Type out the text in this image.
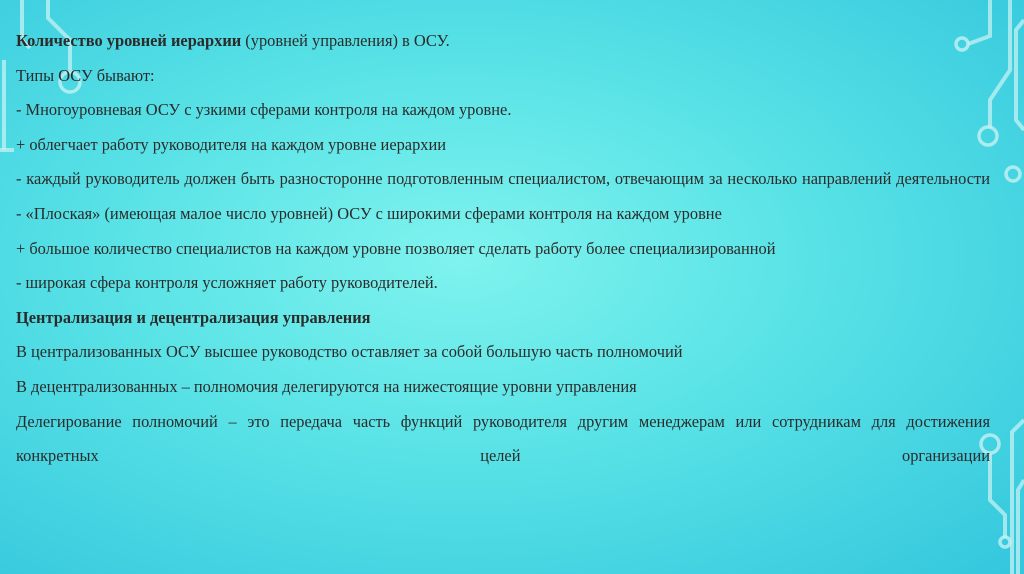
Количество уровней иерархии (уровней управления) в ОСУ.
Типы ОСУ бывают:
- Многоуровневая ОСУ с узкими сферами контроля на каждом уровне.
+ облегчает работу руководителя на каждом уровне иерархии
- каждый руководитель должен быть разносторонне подготовленным специалистом, отвечающим за несколько направлений деятельности
- «Плоская» (имеющая малое число уровней) ОСУ с широкими сферами контроля на каждом уровне
+ большое количество специалистов на каждом уровне позволяет сделать работу более специализированной
- широкая сфера контроля усложняет работу руководителей.
Централизация и децентрализация управления
В централизованных ОСУ высшее руководство оставляет за собой большую часть полномочий
В децентрализованных – полномочия делегируются на нижестоящие уровни управления
Делегирование полномочий – это передача часть функций руководителя другим менеджерам или сотрудникам для достижения конкретных целей организации
